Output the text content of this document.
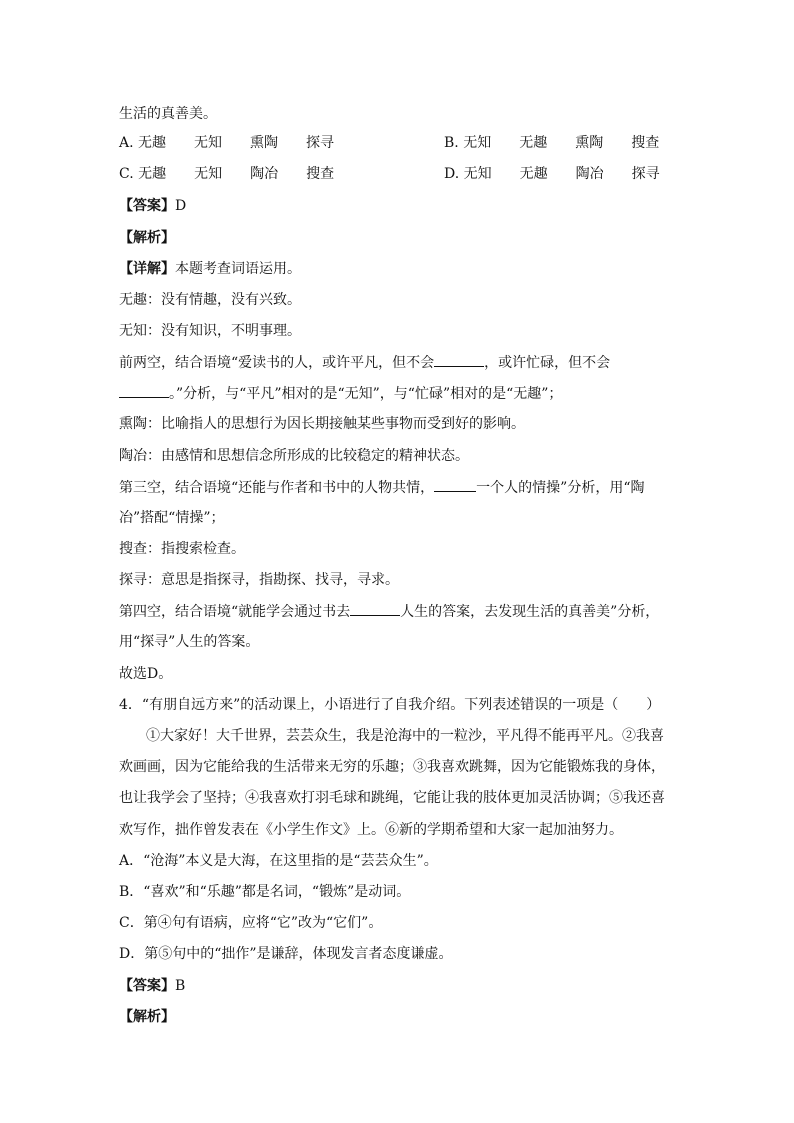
生活的真善美。
A. 无趣 无知 熏陶 探寻	B. 无知 无趣 熏陶 搜查
C. 无趣 无知 陶冶 搜查	D. 无知 无趣 陶冶 探寻
【答案】D
【解析】
【详解】本题考查词语运用。
无趣：没有情趣，没有兴致。
无知：没有知识，不明事理。
前两空，结合语境“爱读书的人，或许平凡，但不会	，或许忙碌，但不会
。”分析，与“平凡”相对的是“无知”，与“忙碌”相对的是“无趣”；
熏陶：比喻指人的思想行为因长期接触某些事物而受到好的影响。
陶冶：由感情和思想信念所形成的比较稳定的精神状态。
第三空，结合语境“还能与作者和书中的人物共情，	一个人的情操”分析，用“陶
冶”搭配“情操”；
搜查：指搜索检查。
探寻：意思是指探寻，指勘探、找寻，寻求。
第四空，结合语境“就能学会通过书去	人生的答案，去发现生活的真善美”分析，
用“探寻”人生的答案。
故选D。
4．“有朋自远方来”的活动课上，小语进行了自我介绍。下列表述错误的一项是（　　）
①大家好！大千世界，芸芸众生，我是沧海中的一粒沙，平凡得不能再平凡。②我喜
欢画画，因为它能给我的生活带来无穷的乐趣；③我喜欢跳舞，因为它能锻炼我的身体，
也让我学会了坚持；④我喜欢打羽毛球和跳绳，它能让我的肢体更加灵活协调；⑤我还喜
欢写作，拙作曾发表在《小学生作文》上。⑥新的学期希望和大家一起加油努力。
A．“沧海”本义是大海，在这里指的是“芸芸众生”。
B．“喜欢”和“乐趣”都是名词，“锻炼”是动词。
C．第④句有语病，应将“它”改为“它们”。
D．第⑤句中的“拙作”是谦辞，体现发言者态度谦虚。
【答案】B
【解析】
